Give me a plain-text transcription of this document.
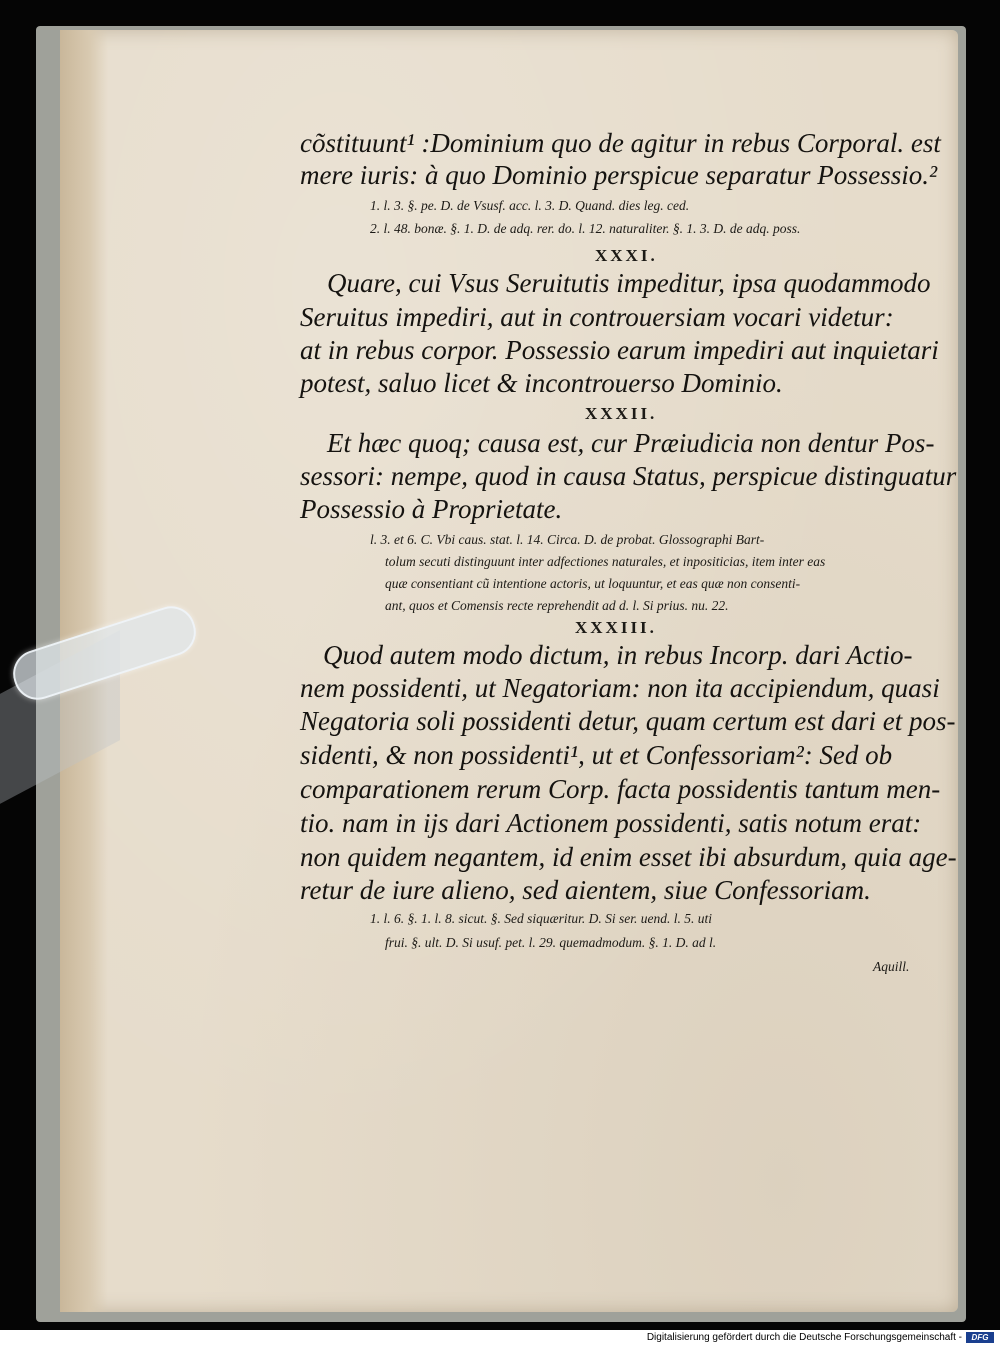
cõstituunt¹ :Dominium quo de agitur in rebus Corporal. est
mere iuris: à quo Dominio perspicue separatur Possessio.²
1. l. 3. §. pe. D. de Vsusf. acc. l. 3. D. Quand. dies leg. ced.
2. l. 48. bonæ. §. 1. D. de adq. rer. do. l. 12. naturaliter. §. 1. 3. D. de adq. poss.
XXXI.
Quare, cui Vsus Seruitutis impeditur, ipsa quodammodo
Seruitus impediri, aut in controuersiam vocari videtur:
at in rebus corpor. Possessio earum impediri aut inquietari
potest, saluo licet & incontrouerso Dominio.
XXXII.
Et hæc quoq; causa est, cur Præiudicia non dentur Pos-
sessori: nempe, quod in causa Status, perspicue distinguatur
Possessio à Proprietate.
l. 3. et 6. C. Vbi caus. stat. l. 14. Circa. D. de probat. Glossographi Bart-
tolum secuti distinguunt inter adfectiones naturales, et inpositicias, item inter eas
quæ consentiant cũ intentione actoris, ut loquuntur, et eas quæ non consenti-
ant, quos et Comensis recte reprehendit ad d. l. Si prius. nu. 22.
XXXIII.
Quod autem modo dictum, in rebus Incorp. dari Actio-
nem possidenti, ut Negatoriam: non ita accipiendum, quasi
Negatoria soli possidenti detur, quam certum est dari et pos-
sidenti, & non possidenti¹, ut et Confessoriam²: Sed ob
comparationem rerum Corp. facta possidentis tantum men-
tio. nam in ijs dari Actionem possidenti, satis notum erat:
non quidem negantem, id enim esset ibi absurdum, quia age-
retur de iure alieno, sed aientem, siue Confessoriam.
1. l. 6. §. 1. l. 8. sicut. §. Sed siquæritur. D. Si ser. uend. l. 5. uti
frui. §. ult. D. Si usuf. pet. l. 29. quemadmodum. §. 1. D. ad l.
Aquill.
Digitalisierung gefördert durch die Deutsche Forschungsgemeinschaft -	DFG
